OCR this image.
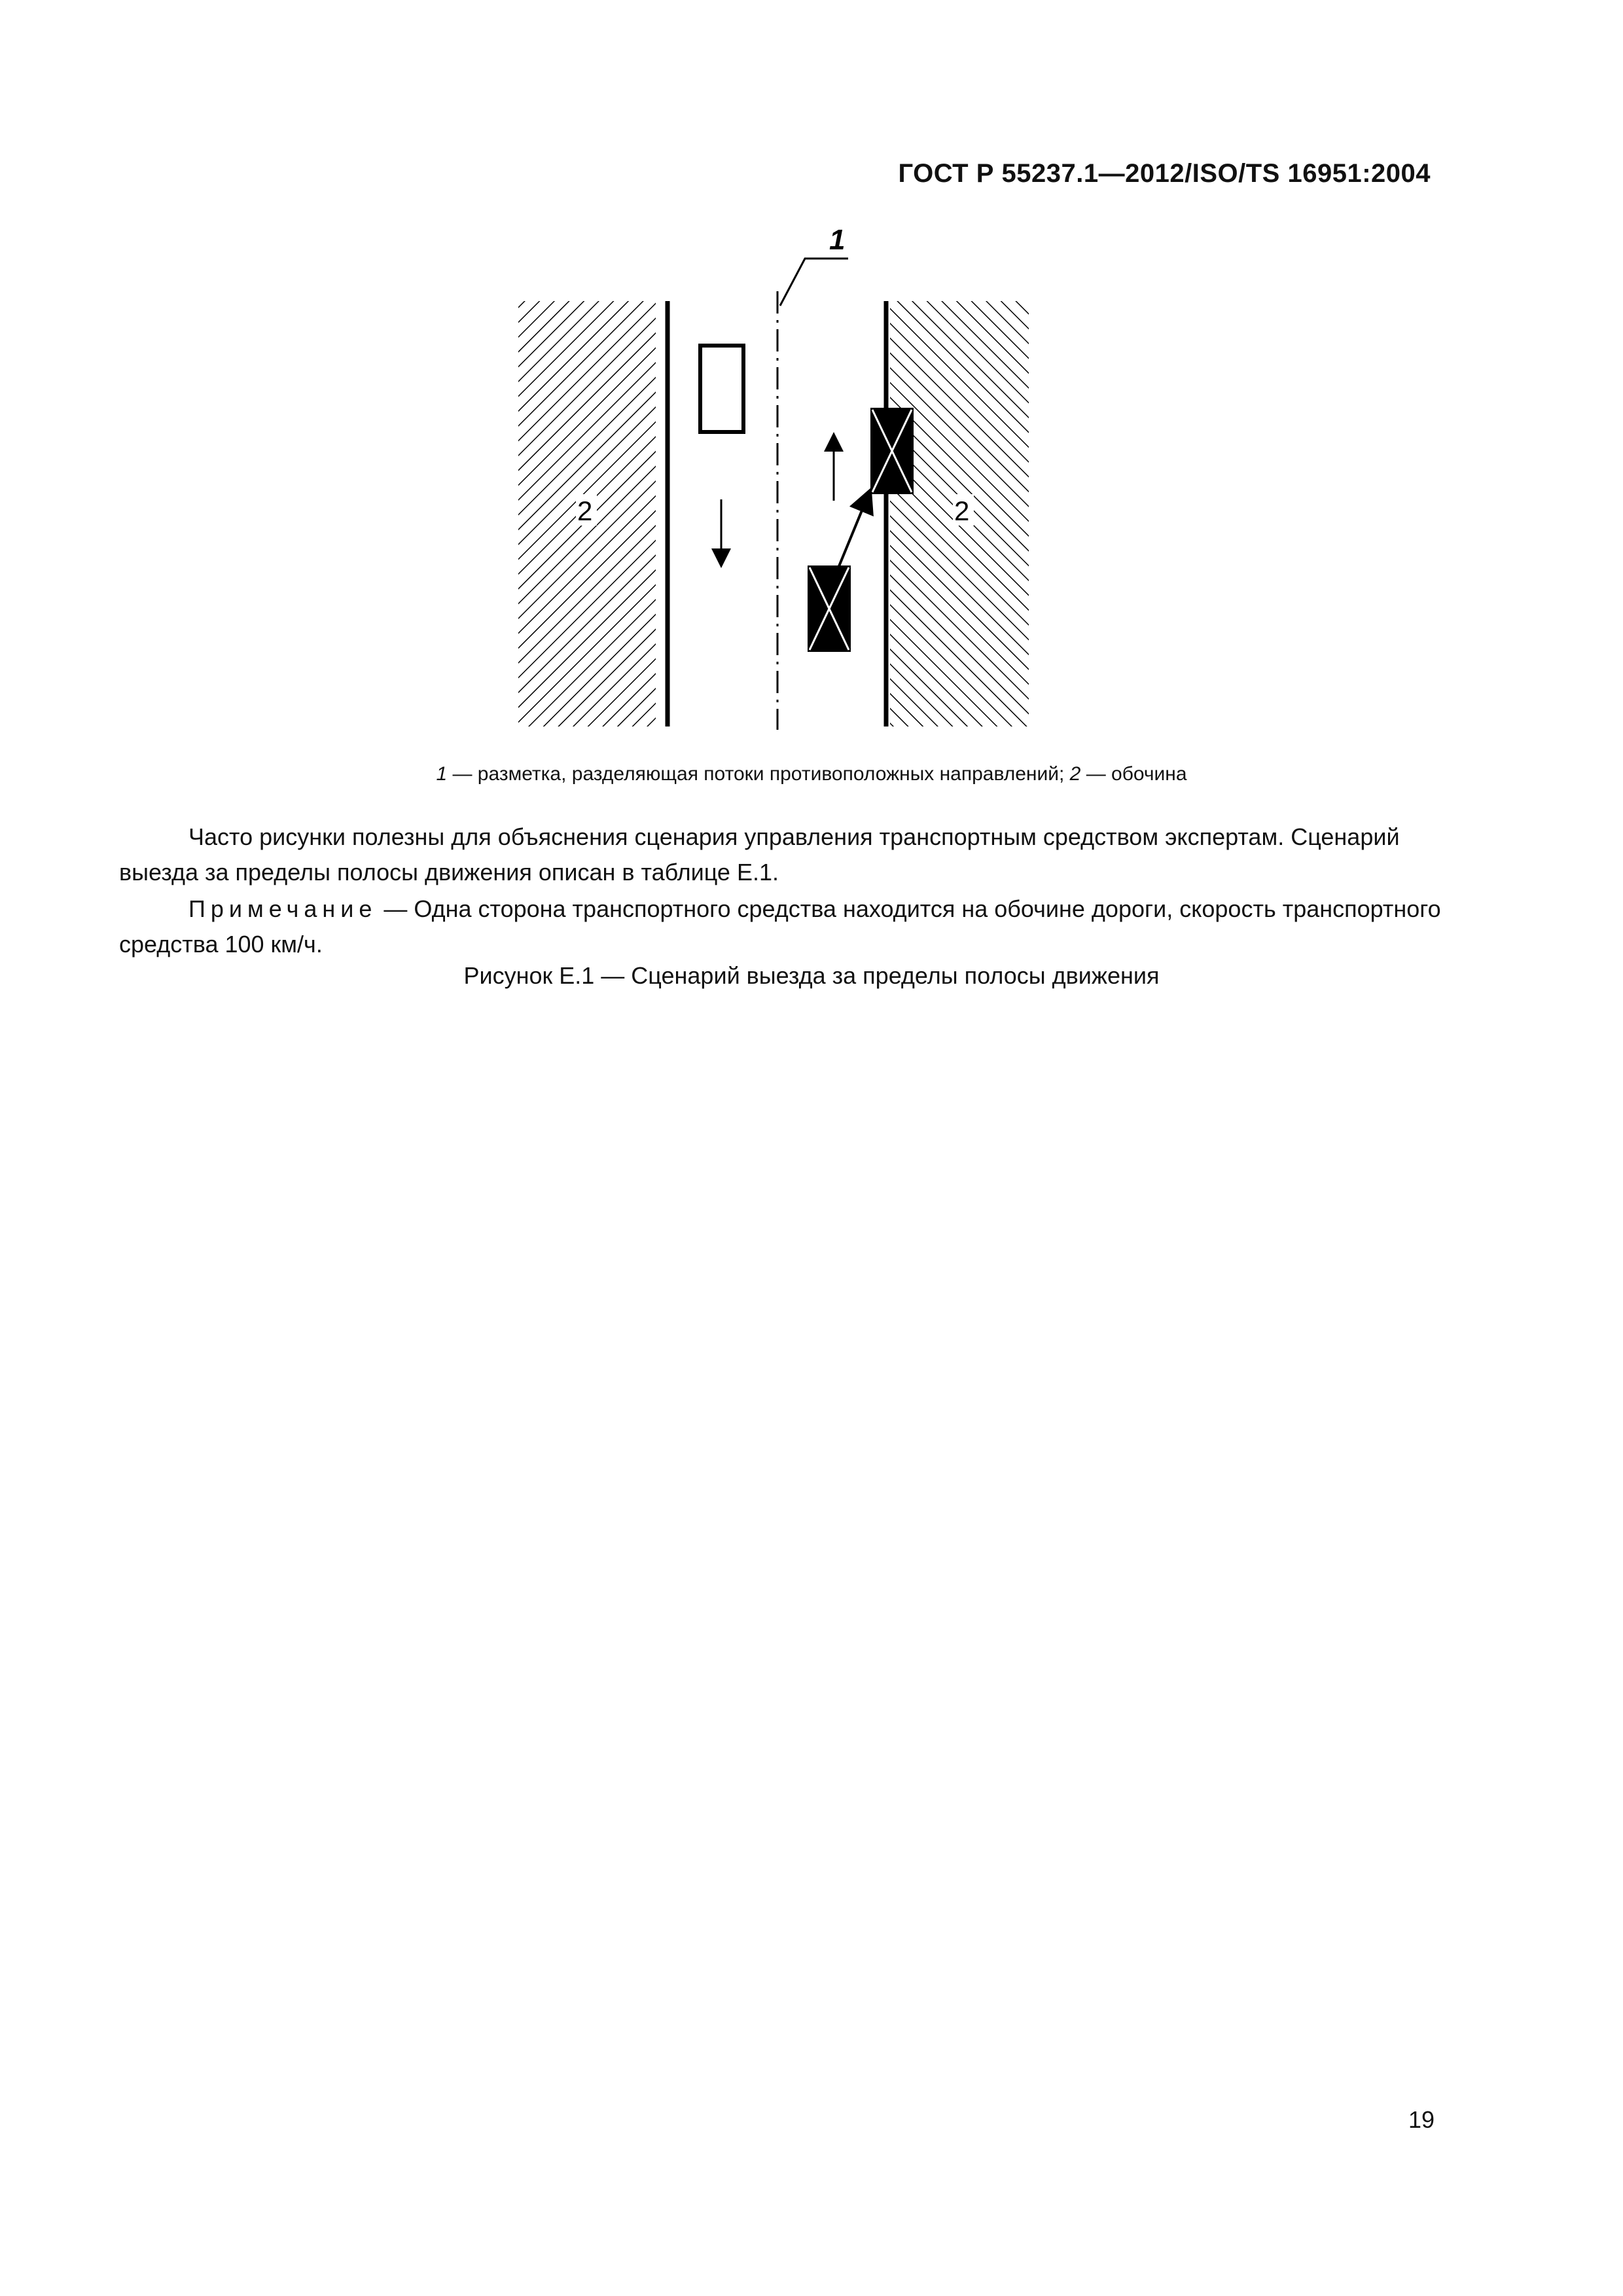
ГОСТ Р 55237.1—2012/ISO/TS 16951:2004
1
2	2
1 — разметка, разделяющая потоки противоположных направлений; 2 — обочина
Часто рисунки полезны для объяснения сценария управления транспортным средством экспертам. Сценарий выезда за пределы полосы движения описан в таблице Е.1.
Примечание — Одна сторона транспортного средства находится на обочине дороги, скорость транспортного средства 100 км/ч.
Рисунок Е.1 — Сценарий выезда за пределы полосы движения
19
